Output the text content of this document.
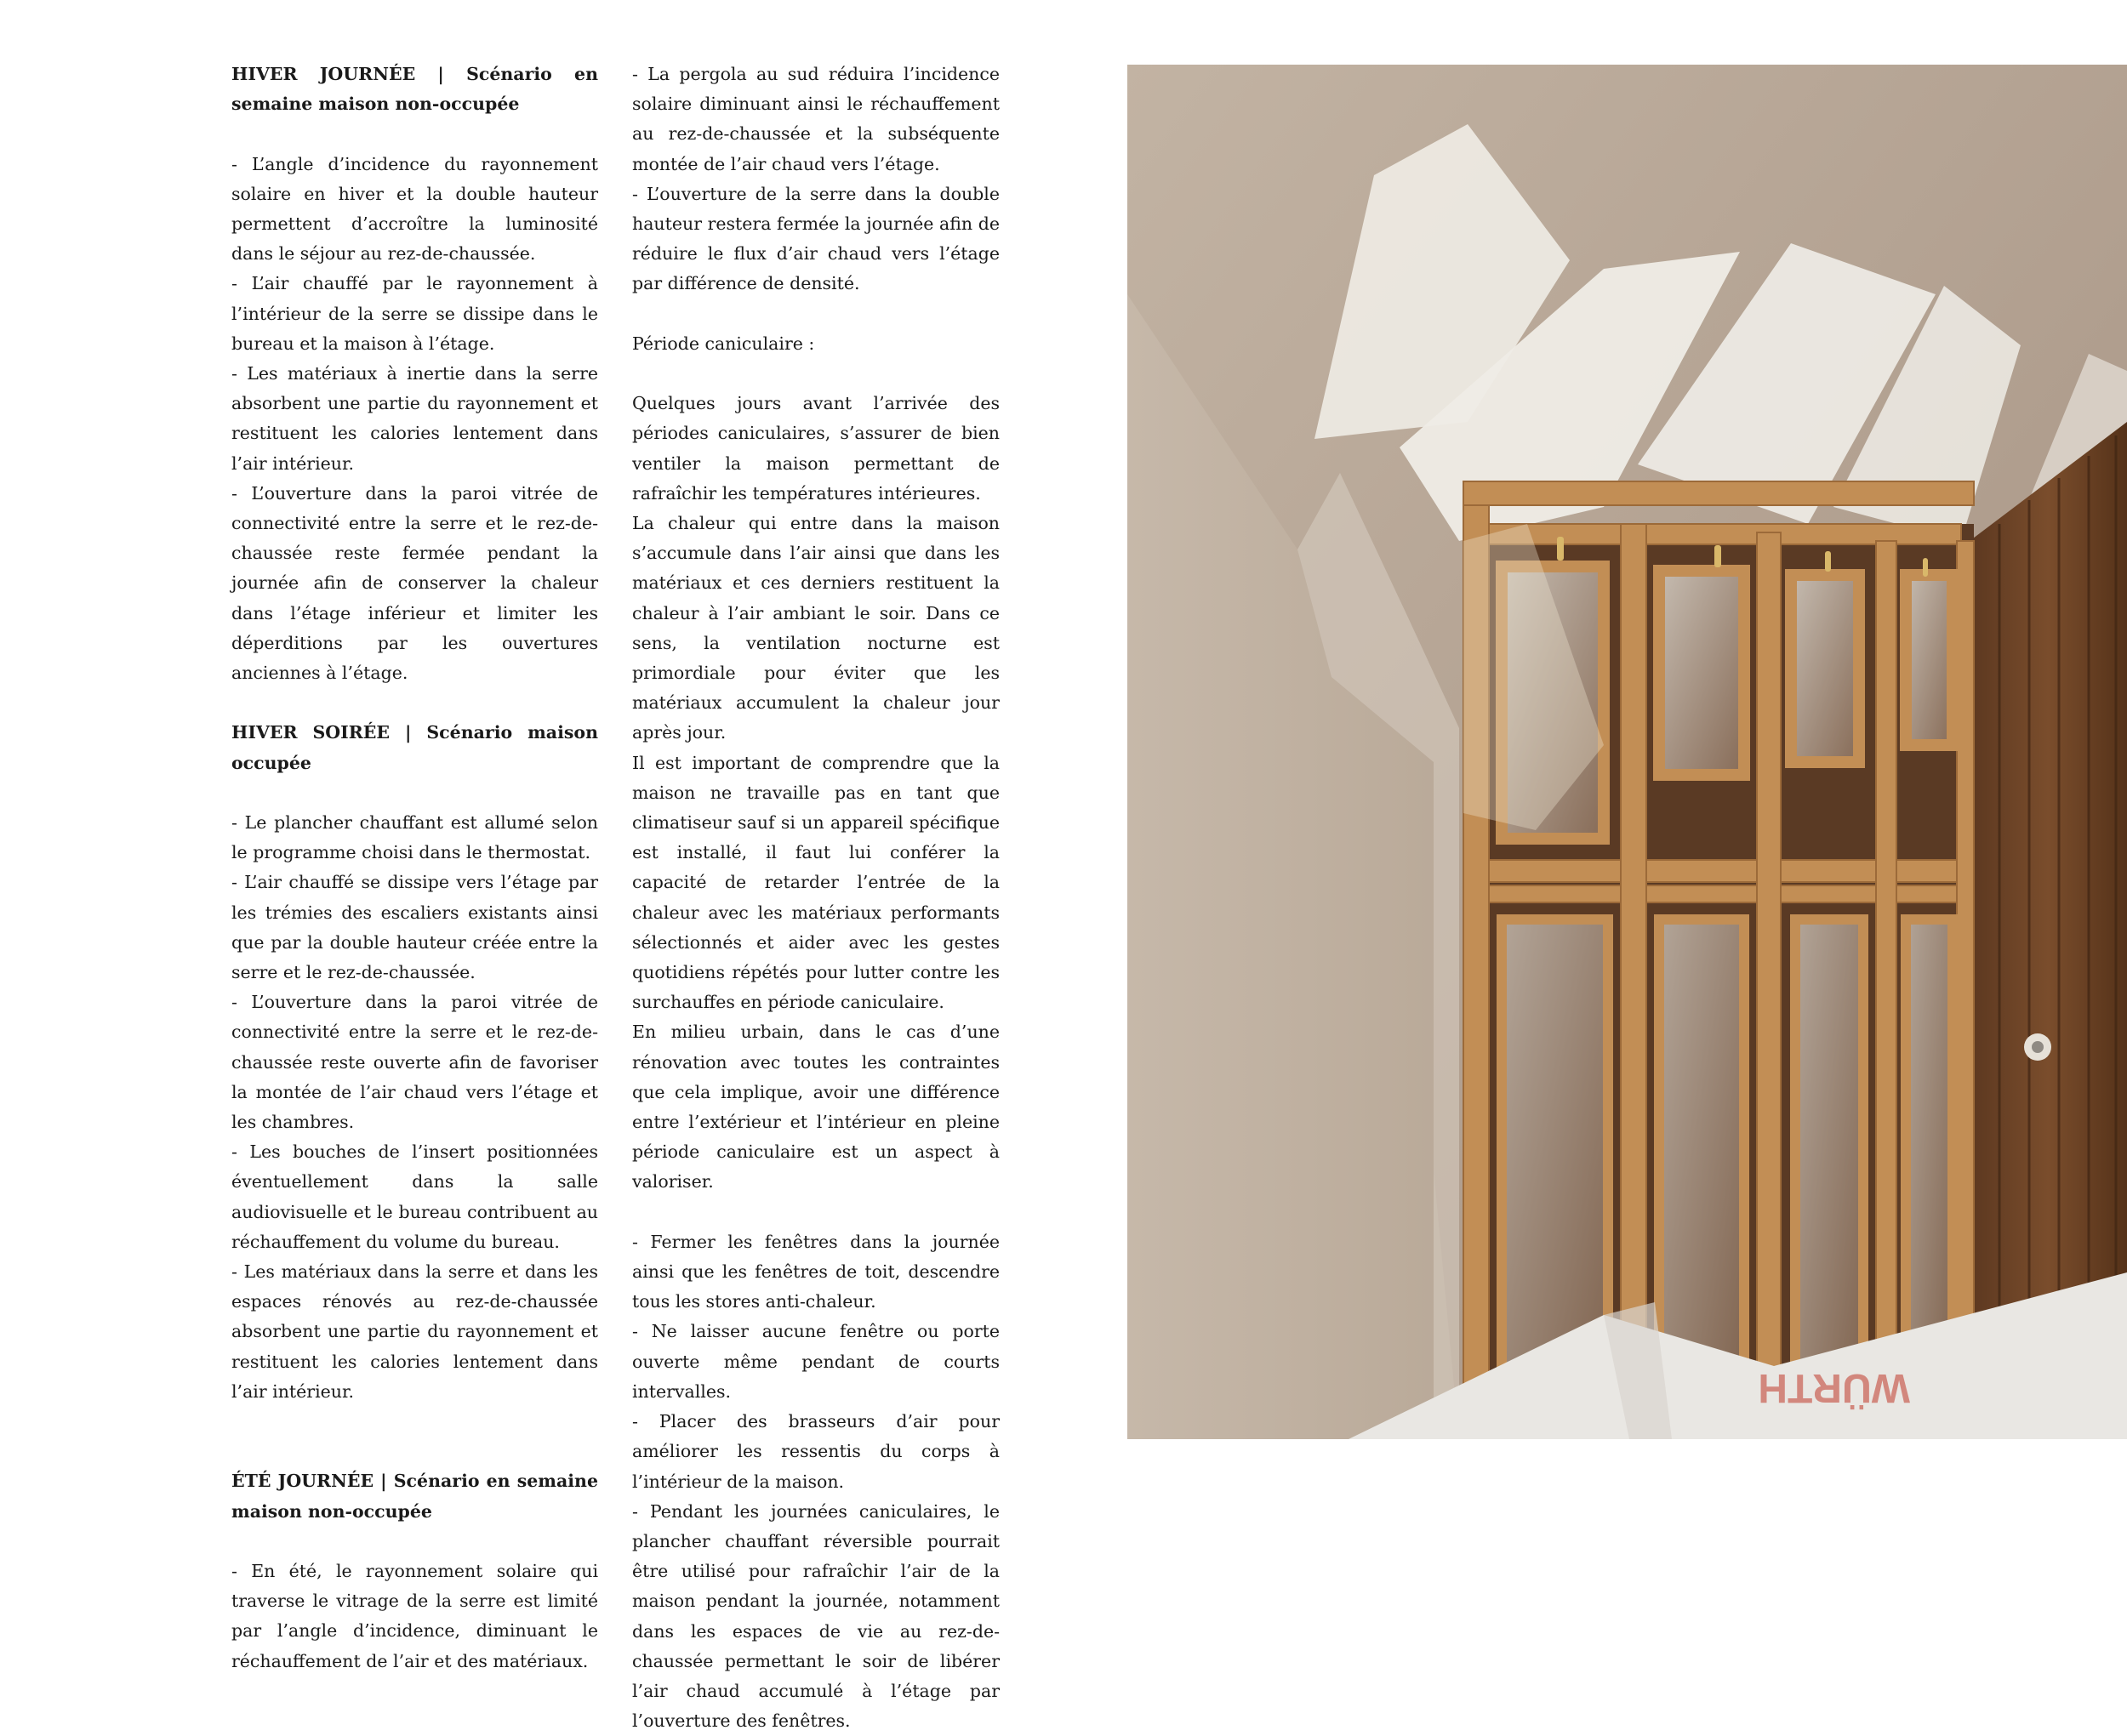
HIVER JOURNÉE | Scénario en semaine maison non-occupée

- L’angle d’incidence du rayonnement solaire en hiver et la double hauteur permettent d’accroître la luminosité dans le séjour au rez-de-chaussée.

- L’air chauffé par le rayonnement à l’intérieur de la serre se dissipe dans le bureau et la maison à l’étage.

- Les matériaux à inertie dans la serre absorbent une partie du rayonnement et restituent les calories lentement dans l’air intérieur.

- L’ouverture dans la paroi vitrée de connectivité entre la serre et le rez-de-chaussée reste fermée pendant la journée afin de conserver la chaleur dans l’étage inférieur et limiter les déperditions par les ouvertures anciennes à l’étage.

HIVER SOIRÉE | Scénario maison occupée

- Le plancher chauffant est allumé selon le programme choisi dans le thermostat.

- L’air chauffé se dissipe vers l’étage par les trémies des escaliers existants ainsi que par la double hauteur créée entre la serre et le rez-de-chaussée.

- L’ouverture dans la paroi vitrée de connectivité entre la serre et le rez-de-chaussée reste ouverte afin de favoriser la montée de l’air chaud vers l’étage et les chambres.

- Les bouches de l’insert positionnées éventuellement dans la salle audiovisuelle et le bureau contribuent au réchauffement du volume du bureau.

- Les matériaux dans la serre et dans les espaces rénovés au rez-de-chaussée absorbent une partie du rayonnement et restituent les calories lentement dans l’air intérieur.

ÉTÉ JOURNÉE | Scénario en semaine maison non-occupée

- En été, le rayonnement solaire qui traverse le vitrage de la serre est limité par l’angle d’incidence, diminuant le réchauffement de l’air et des matériaux.

- La pergola au sud réduira l’incidence solaire diminuant ainsi le réchauffement au rez-de-chaussée et la subséquente montée de l’air chaud vers l’étage.

- L’ouverture de la serre dans la double hauteur restera fermée la journée afin de réduire le flux d’air chaud vers l’étage par différence de densité.

Période caniculaire :

Quelques jours avant l’arrivée des périodes caniculaires, s’assurer de bien ventiler la maison permettant de rafraîchir les températures intérieures.

La chaleur qui entre dans la maison s’accumule dans l’air ainsi que dans les matériaux et ces derniers restituent la chaleur à l’air ambiant le soir. Dans ce sens, la ventilation nocturne est primordiale pour éviter que les matériaux accumulent la chaleur jour après jour.

Il est important de comprendre que la maison ne travaille pas en tant que climatiseur sauf si un appareil spécifique est installé, il faut lui conférer la capacité de retarder l’entrée de la chaleur avec les matériaux performants sélectionnés et aider avec les gestes quotidiens répétés pour lutter contre les surchauffes en période caniculaire.

En milieu urbain, dans le cas d’une rénovation avec toutes les contraintes que cela implique, avoir une différence entre l’extérieur et l’intérieur en pleine période caniculaire est un aspect à valoriser.

- Fermer les fenêtres dans la journée ainsi que les fenêtres de toit, descendre tous les stores anti-chaleur.

- Ne laisser aucune fenêtre ou porte ouverte même pendant de courts intervalles.

- Placer des brasseurs d’air pour améliorer les ressentis du corps à l’intérieur de la maison.

- Pendant les journées caniculaires, le plancher chauffant réversible pourrait être utilisé pour rafraîchir l’air de la maison pendant la journée, notamment dans les espaces de vie au rez-de-chaussée permettant le soir de libérer l’air chaud accumulé à l’étage par l’ouverture des fenêtres.

WÜRTH
